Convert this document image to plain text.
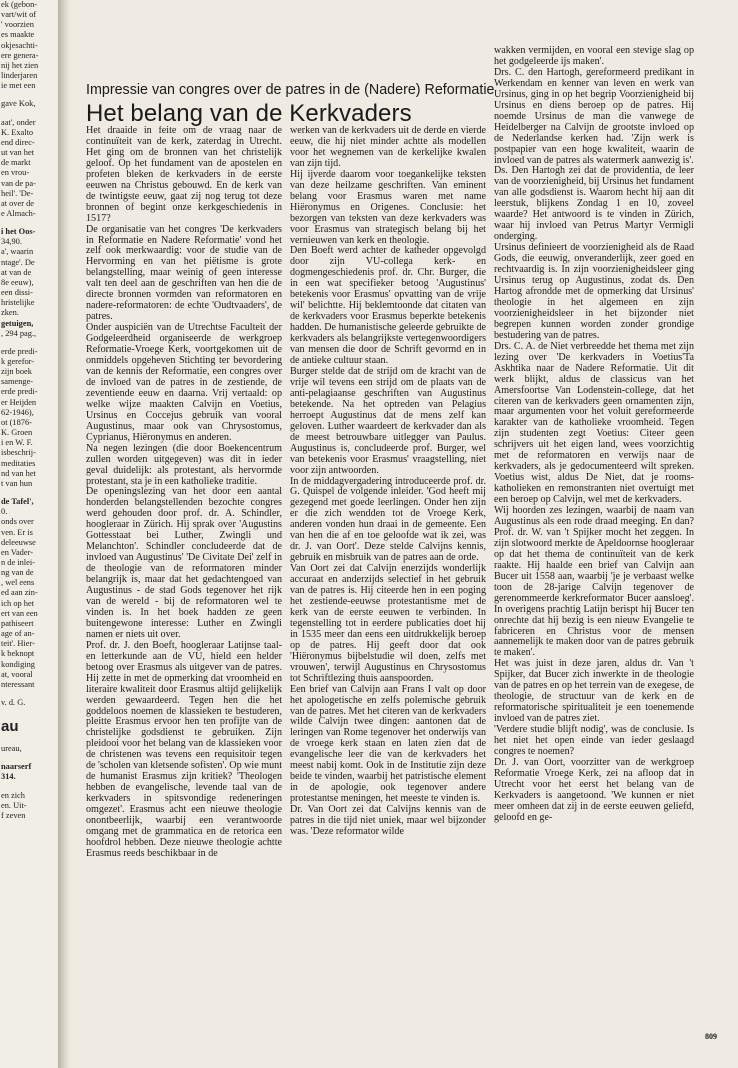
ek (gebon-
vart/wit of
' voorzien
es maakte
okjesachti-
ere genera-
nij het zien
linderjaren
ie met een
gave Kok,
aat', onder
K. Exalto
end direc-
ut van het
de markt
en vrou-
van de pa-
heil'. 'De-
at over de
e Almach-
i het Oos-
34,90.
a', waarin
ntage'. De
at van de
8e eeuw),
een dissi-
hristelijke
zken.
getuigen,
, 294 pag.,
erde predi-
k gerefor-
zijn boek
samenge-
erde predi-
er Heijden
62-1946),
ot (1876-
K. Groen
i en W. F.
isbeschrij-
meditaties
nd van het
t van hun
de Tafel',
0.
onds over
ven. Er is
deleeuwse
en Vader-
n de inlei-
ng van de
, wel eens
ed aan zin-
ich op het
ert van een
pathiseert
age of an-
teit'. Hier-
k beknopt
kondiging
at, vooral
nteressant
v. d. G.
au
ureau,
naarserf
314.
en zich
en. Uit-
f zeven
Impressie van congres over de patres in de (Nadere) Reformatie
Het belang van de Kerkvaders

Het draaide in feite om de vraag naar de continuïteit van de kerk, zaterdag in Utrecht. Het ging om de bronnen van het christelijk geloof. Op het fundament van de apostelen en profeten bleken de kerkvaders in de eerste eeuwen na Christus gebouwd. En de kerk van de twintigste eeuw, gaat zij nog terug tot deze bronnen of begint onze kerkgeschiedenis in 1517?

De organisatie van het congres 'De kerkvaders in Reformatie en Nadere Reformatie' vond het zelf ook merkwaardig: voor de studie van de Hervorming en van het piëtisme is grote belangstelling, maar weinig of geen interesse valt ten deel aan de geschriften van hen die de directe bronnen vormden van reformatoren en nadere-reformatoren: de echte 'Oudtvaaders', de patres.

Onder auspiciën van de Utrechtse Faculteit der Godgeleerdheid organiseerde de werkgroep Reformatie-Vroege Kerk, voortgekomen uit de onmiddels opgeheven Stichting ter bevordering van de kennis der Reformatie, een congres over de invloed van de patres in de zestiende, de zeventiende eeuw en daarna. Vrij vertaald: op welke wijze maakten Calvijn en Voetius, Ursinus en Coccejus gebruik van vooral Augustinus, maar ook van Chrysostomus, Cyprianus, Hiëronymus en anderen.

Na negen lezingen (die door Boekencentrum zullen worden uitgegeven) was dit in ieder geval duidelijk: als protestant, als hervormde protestant, sta je in een katholieke traditie.

De openingslezing van het door een aantal honderden belangstellenden bezochte congres werd gehouden door prof. dr. A. Schindler, hoogleraar in Zürich. Hij sprak over 'Augustins Gottesstaat bei Luther, Zwingli und Melanchton'. Schindler concludeerde dat de invloed van Augustinus' 'De Civitate Dei' zelf in de theologie van de reformatoren minder belangrijk is, maar dat het gedachtengoed van Augustinus - de stad Gods tegenover het rijk van de wereld - bij de reformatoren wel te vinden is. In het boek hadden ze geen buitengewone interesse: Luther en Zwingli namen er niets uit over.

Prof. dr. J. den Boeft, hoogleraar Latijnse taal- en letterkunde aan de VU, hield een helder betoog over Erasmus als uitgever van de patres. Hij zette in met de opmerking dat vroomheid en literaire kwaliteit door Erasmus altijd gelijkelijk werden gewaardeerd. Tegen hen die het goddeloos noemen de klassieken te bestuderen, pleitte Erasmus ervoor hen ten profijte van de christelijke godsdienst te gebruiken. Zijn pleidooi voor het belang van de klassieken voor de christenen was tevens een requisitoir tegen de 'scholen van kletsende sofisten'. Op wie munt de humanist Erasmus zijn kritiek? 'Theologen hebben de evangelische, levende taal van de kerkvaders in spitsvondige redeneringen omgezet'. Erasmus acht een nieuwe theologie onontbeerlijk, waarbij een verantwoorde omgang met de grammatica en de retorica een hoofdrol hebben. Deze nieuwe theologie achtte Erasmus reeds beschikbaar in de

werken van de kerkvaders uit de derde en vierde eeuw, die hij niet minder achtte als modellen voor het wegnemen van de kerkelijke kwalen van zijn tijd.

Hij ijverde daarom voor toegankelijke teksten van deze heilzame geschriften. Van eminent belang voor Erasmus waren met name Hiëronymus en Origenes. Conclusie: het bezorgen van teksten van deze kerkvaders was voor Erasmus van strategisch belang bij het vernieuwen van kerk en theologie.

Den Boeft werd achter de katheder opgevolgd door zijn VU-collega kerk- en dogmengeschiedenis prof. dr. Chr. Burger, die in een wat specifieker betoog 'Augustinus' betekenis voor Erasmus' opvatting van de vrije wil' belichtte. Hij beklemtoonde dat citaten van de kerkvaders voor Erasmus beperkte betekenis hadden. De humanistische geleerde gebruikte de kerkvaders als belangrijkste vertegenwoordigers van mensen die door de Schrift gevormd en in de antieke cultuur staan.

Burger stelde dat de strijd om de kracht van de vrije wil tevens een strijd om de plaats van de anti-pelagiaanse geschriften van Augustinus betekende. Na het optreden van Pelagius herroept Augustinus dat de mens zelf kan geloven. Luther waardeert de kerkvader dan als de meest betrouwbare uitlegger van Paulus. Augustinus is, concludeerde prof. Burger, wel van betekenis voor Erasmus' vraagstelling, niet voor zijn antwoorden.

In de middagvergadering introduceerde prof. dr. G. Quispel de volgende inleider. 'God heeft mij gezegend met goede leerlingen. Onder hen zijn er die zich wendden tot de Vroege Kerk, anderen vonden hun draai in de gemeente. Een van hen die af en toe geloofde wat ik zei, was dr. J. van Oort'. Deze stelde Calvijns kennis, gebruik en misbruik van de patres aan de orde.

Van Oort zei dat Calvijn enerzijds wonderlijk accuraat en anderzijds selectief in het gebruik van de patres is. Hij citeerde hen in een poging het zestiende-eeuwse protestantisme met de kerk van de eerste eeuwen te verbinden. In tegenstelling tot in eerdere publicaties doet hij in 1535 meer dan eens een uitdrukkelijk beroep op de patres. Hij geeft door dat ook 'Hiëronymus bijbelstudie wil doen, zelfs met vrouwen', terwijl Augustinus en Chrysostomus tot Schriftlezing thuis aanspoorden.

Een brief van Calvijn aan Frans I valt op door het apologetische en zelfs polemische gebruik van de patres. Met het citeren van de kerkvaders wilde Calvijn twee dingen: aantonen dat de leringen van Rome tegenover het onderwijs van de vroege kerk staan en laten zien dat de evangelische leer die van de kerkvaders het meest nabij komt. Ook in de Institutie zijn deze beide te vinden, waarbij het patristische element in de apologie, ook tegenover andere protestantse meningen, het meeste te vinden is.

Dr. Van Oort zei dat Calvijns kennis van de patres in die tijd niet uniek, maar wel bijzonder was. 'Deze reformator wilde

wakken vermijden, en vooral een stevige slag op het godgeleerde ijs maken'.

Drs. C. den Hartogh, gereformeerd predikant in Werkendam en kenner van leven en werk van Ursinus, ging in op het begrip Voorzienigheid bij Ursinus en diens beroep op de patres. Hij noemde Ursinus de man die vanwege de Heidelberger na Calvijn de grootste invloed op de Nederlandse kerken had. 'Zijn werk is postpapier van een hoge kwaliteit, waarin de invloed van de patres als watermerk aanwezig is'.

Ds. Den Hartogh zei dat de providentia, de leer van de voorzienigheid, bij Ursinus het fundament van alle godsdienst is. Waarom hecht hij aan dit leerstuk, blijkens Zondag 1 en 10, zoveel waarde? Het antwoord is te vinden in Zürich, waar hij invloed van Petrus Martyr Vermigli onderging.

Ursinus definieert de voorzienigheid als de Raad Gods, die eeuwig, onveranderlijk, zeer goed en rechtvaardig is. In zijn voorzienigheidsleer ging Ursinus terug op Augustinus, zodat ds. Den Hartog afrondde met de opmerking dat Ursinus' theologie in het algemeen en zijn voorzienigheidsleer in het bijzonder niet begrepen kunnen worden zonder grondige bestudering van de patres.

Drs. C. A. de Niet verbreedde het thema met zijn lezing over 'De kerkvaders in Voetius'Ta Askhtika naar de Nadere Reformatie. Uit dit werk blijkt, aldus de classicus van het Amersfoortse Van Lodenstein-college, dat het citeren van de kerkvaders geen ornamenten zijn, maar argumenten voor het voluit gereformeerde karakter van de katholieke vroomheid. Tegen zijn studenten zegt Voetius: Citeer geen schrijvers uit het eigen land, wees voorzichtig met de reformatoren en verwijs naar de kerkvaders, als je gedocumenteerd wilt spreken. Voetius wist, aldus De Niet, dat je rooms-katholieken en remonstranten niet overtuigt met een beroep op Calvijn, wel met de kerkvaders.

Wij hoorden zes lezingen, waarbij de naam van Augustinus als een rode draad meeging. En dan? Prof. dr. W. van 't Spijker mocht het zeggen. In zijn slotwoord merkte de Apeldoornse hoogleraar op dat het thema de continuïteit van de kerk raakte. Hij haalde een brief van Calvijn aan Bucer uit 1558 aan, waarbij 'je je verbaast welke toon de 28-jarige Calvijn tegenover de gerenommeerde kerkreformator Bucer aansloeg'. In overigens prachtig Latijn berispt hij Bucer ten onrechte dat hij bezig is een nieuw Evangelie te fabriceren en Christus voor de mensen aannemelijk te maken door van de patres gebruik te maken'.

Het was juist in deze jaren, aldus dr. Van 't Spijker, dat Bucer zich inwerkte in de theologie van de patres en op het terrein van de exegese, de theologie, de structuur van de kerk en de reformatorische spiritualiteit je een toenemende invloed van de patres ziet.

'Verdere studie blijft nodig', was de conclusie. Is het niet het open einde van ieder geslaagd congres te noemen?

Dr. J. van Oort, voorzitter van de werkgroep Reformatie Vroege Kerk, zei na afloop dat in Utrecht voor het eerst het belang van de Kerkvaders is aangetoond. 'We kunnen er niet meer omheen dat zij in de eerste eeuwen geliefd, geloofd en ge-

809
